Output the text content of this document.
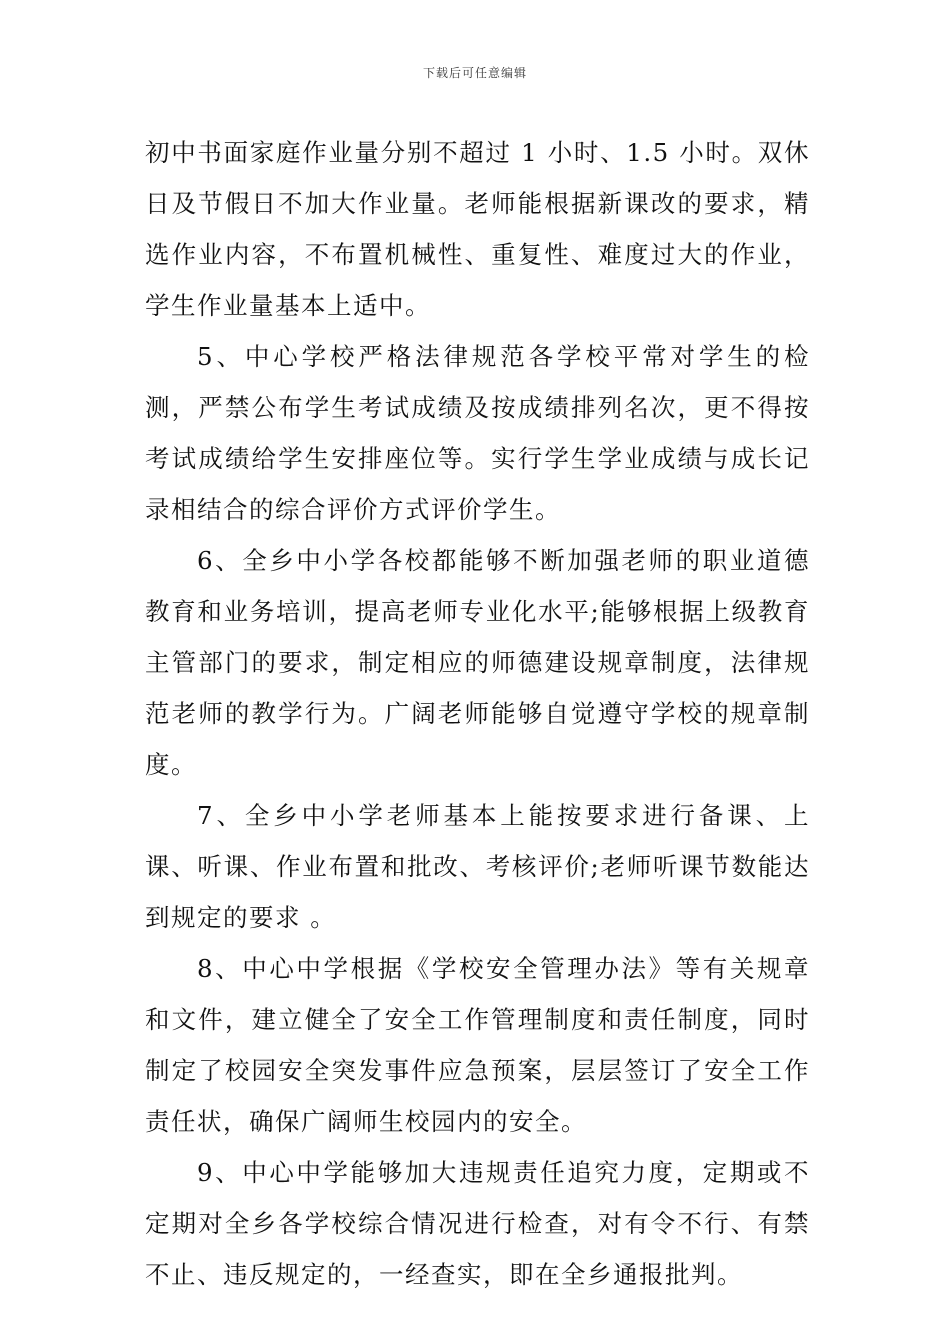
下载后可任意编辑

初中书面家庭作业量分别不超过 1 小时、1.5 小时。双休日及节假日不加大作业量。老师能根据新课改的要求，精选作业内容，不布置机械性、重复性、难度过大的作业，学生作业量基本上适中。

5、中心学校严格法律规范各学校平常对学生的检测，严禁公布学生考试成绩及按成绩排列名次，更不得按考试成绩给学生安排座位等。实行学生学业成绩与成长记录相结合的综合评价方式评价学生。

6、全乡中小学各校都能够不断加强老师的职业道德教育和业务培训，提高老师专业化水平;能够根据上级教育主管部门的要求，制定相应的师德建设规章制度，法律规范老师的教学行为。广阔老师能够自觉遵守学校的规章制度。

7、全乡中小学老师基本上能按要求进行备课、上课、听课、作业布置和批改、考核评价;老师听课节数能达到规定的要求 。

8、中心中学根据《学校安全管理办法》等有关规章和文件，建立健全了安全工作管理制度和责任制度，同时制定了校园安全突发事件应急预案，层层签订了安全工作责任状，确保广阔师生校园内的安全。

9、中心中学能够加大违规责任追究力度，定期或不定期对全乡各学校综合情况进行检查，对有令不行、有禁不止、违反规定的，一经查实，即在全乡通报批判。
